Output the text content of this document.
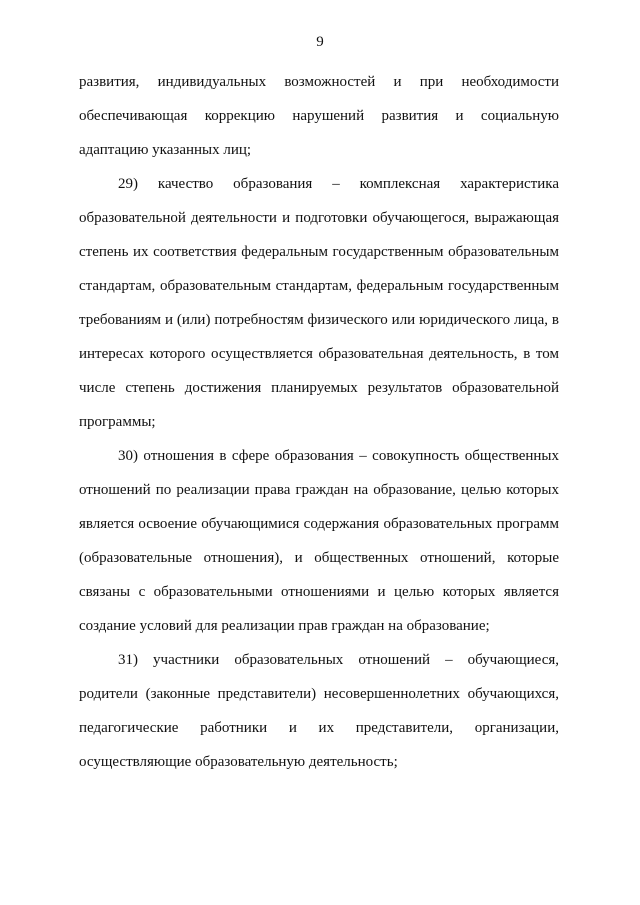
9
развития, индивидуальных возможностей и при необходимости
обеспечивающая коррекцию нарушений развития и социальную
адаптацию указанных лиц;
29) качество образования – комплексная характеристика
образовательной деятельности и подготовки обучающегося, выражающая
степень их соответствия федеральным государственным образовательным
стандартам, образовательным стандартам, федеральным государственным
требованиям и (или) потребностям физического или юридического лица, в
интересах которого осуществляется образовательная деятельность, в том
числе степень достижения планируемых результатов образовательной
программы;
30) отношения в сфере образования – совокупность общественных
отношений по реализации права граждан на образование, целью которых
является освоение обучающимися содержания образовательных программ
(образовательные отношения), и общественных отношений, которые
связаны с образовательными отношениями и целью которых является
создание условий для реализации прав граждан на образование;
31) участники образовательных отношений – обучающиеся,
родители (законные представители) несовершеннолетних обучающихся,
педагогические работники и их представители, организации,
осуществляющие образовательную деятельность;
